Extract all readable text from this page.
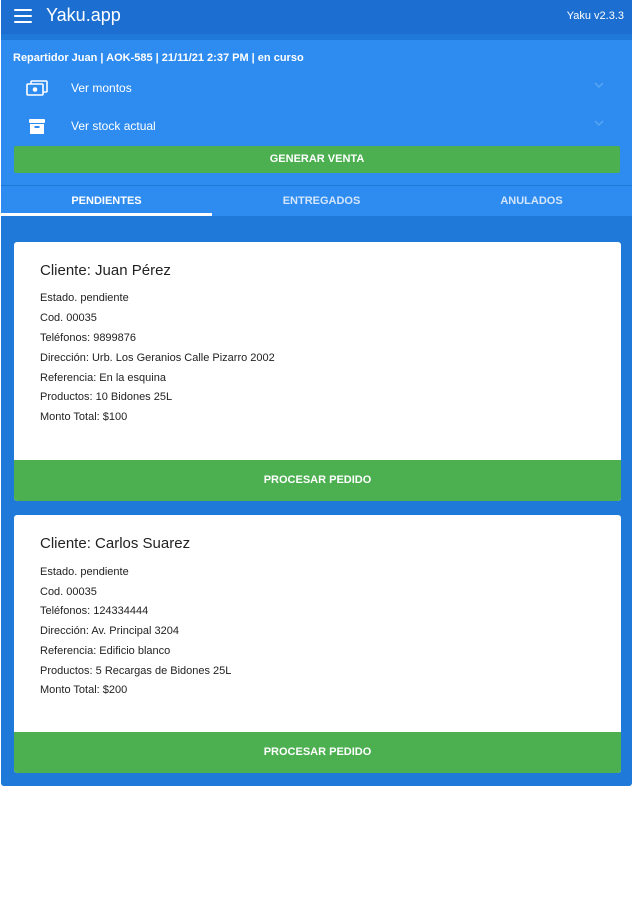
Yaku.app	Yaku v2.3.3
Repartidor Juan | AOK-585 | 21/11/21 2:37 PM | en curso
Ver montos
Ver stock actual
GENERAR VENTA
PENDIENTES	ENTREGADOS	ANULADOS
Cliente: Juan Pérez
Estado. pendiente
Cod. 00035
Teléfonos: 9899876
Dirección: Urb. Los Geranios Calle Pizarro 2002
Referencia: En la esquina
Productos: 10 Bidones 25L
Monto Total: $100
PROCESAR PEDIDO
Cliente: Carlos Suarez
Estado. pendiente
Cod. 00035
Teléfonos: 124334444
Dirección: Av. Principal 3204
Referencia: Edificio blanco
Productos: 5 Recargas de Bidones 25L
Monto Total: $200
PROCESAR PEDIDO
